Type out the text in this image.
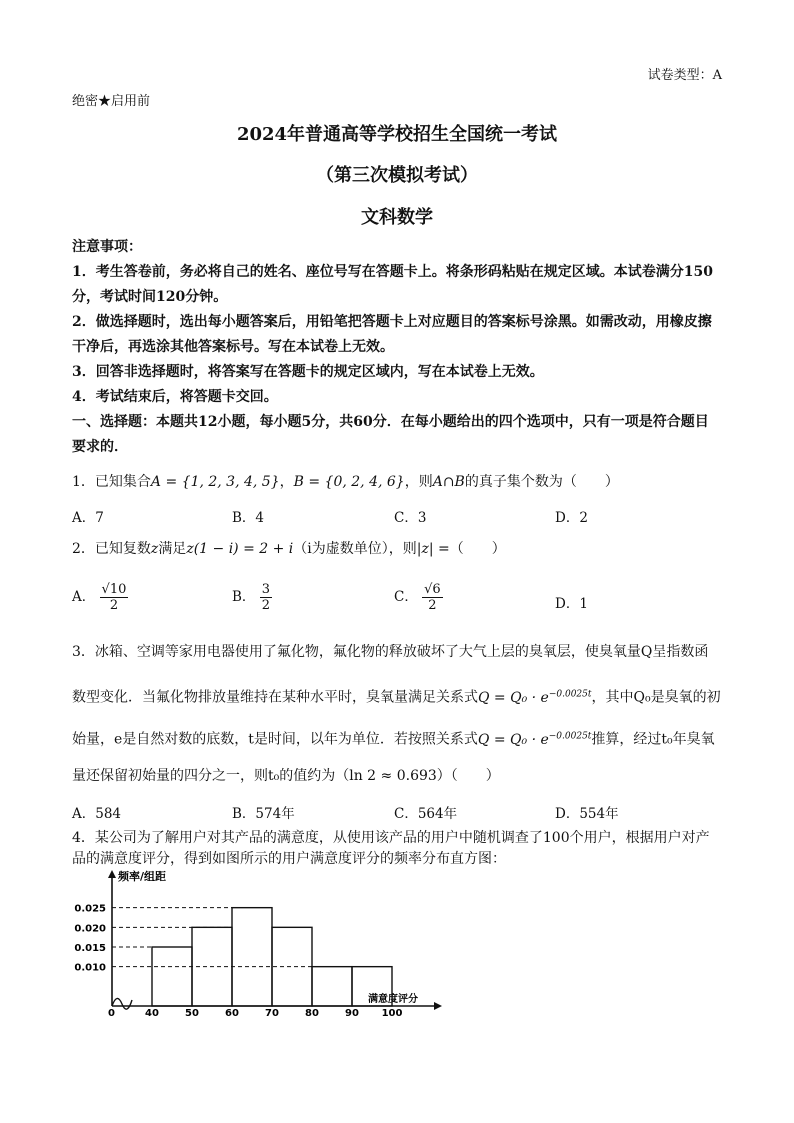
试卷类型：A
绝密★启用前
2024年普通高等学校招生全国统一考试
（第三次模拟考试）
文科数学
注意事项：
1．考生答卷前，务必将自己的姓名、座位号写在答题卡上。将条形码粘贴在规定区域。本试卷满分150分，考试时间120分钟。
2．做选择题时，选出每小题答案后，用铅笔把答题卡上对应题目的答案标号涂黑。如需改动，用橡皮擦干净后，再选涂其他答案标号。写在本试卷上无效。
3．回答非选择题时，将答案写在答题卡的规定区域内，写在本试卷上无效。
4．考试结束后，将答题卡交回。
一、选择题：本题共12小题，每小题5分，共60分．在每小题给出的四个选项中，只有一项是符合题目要求的．
1．已知集合A = {1, 2, 3, 4, 5}，B = {0, 2, 4, 6}，则A∩B的真子集个数为（　　）
A．7	B．4	C．3	D．2
2．已知复数z满足z(1 − i) = 2 + i（i为虚数单位），则|z| =（　　）
A． $\frac{√10}{2}$	B． $\frac{3}{2}$	C． $\frac{√6}{2}$	D．1
3．冰箱、空调等家用电器使用了氟化物，氟化物的释放破坏了大气上层的臭氧层，使臭氧量Q呈指数函
数型变化．当氟化物排放量维持在某种水平时，臭氧量满足关系式$Q = Q_0 \cdot e^{-0.0025t}$，其中Q₀是臭氧的初
始量，e是自然对数的底数，t是时间，以年为单位．若按照关系式$Q = Q_0 \cdot e^{-0.0025t}$推算，经过t₀年臭氧
量还保留初始量的四分之一，则t₀的值约为（ln 2 ≈ 0.693）（　　）
A．584	B．574年	C．564年	D．554年
4．某公司为了解用户对其产品的满意度，从使用该产品的用户中随机调查了100个用户，根据用户对产
品的满意度评分，得到如图所示的用户满意度评分的频率分布直方图：
频率/组距
满意度评分
0
0.010
0.015
0.020
0.025
40	50	60	70	80	90 100
